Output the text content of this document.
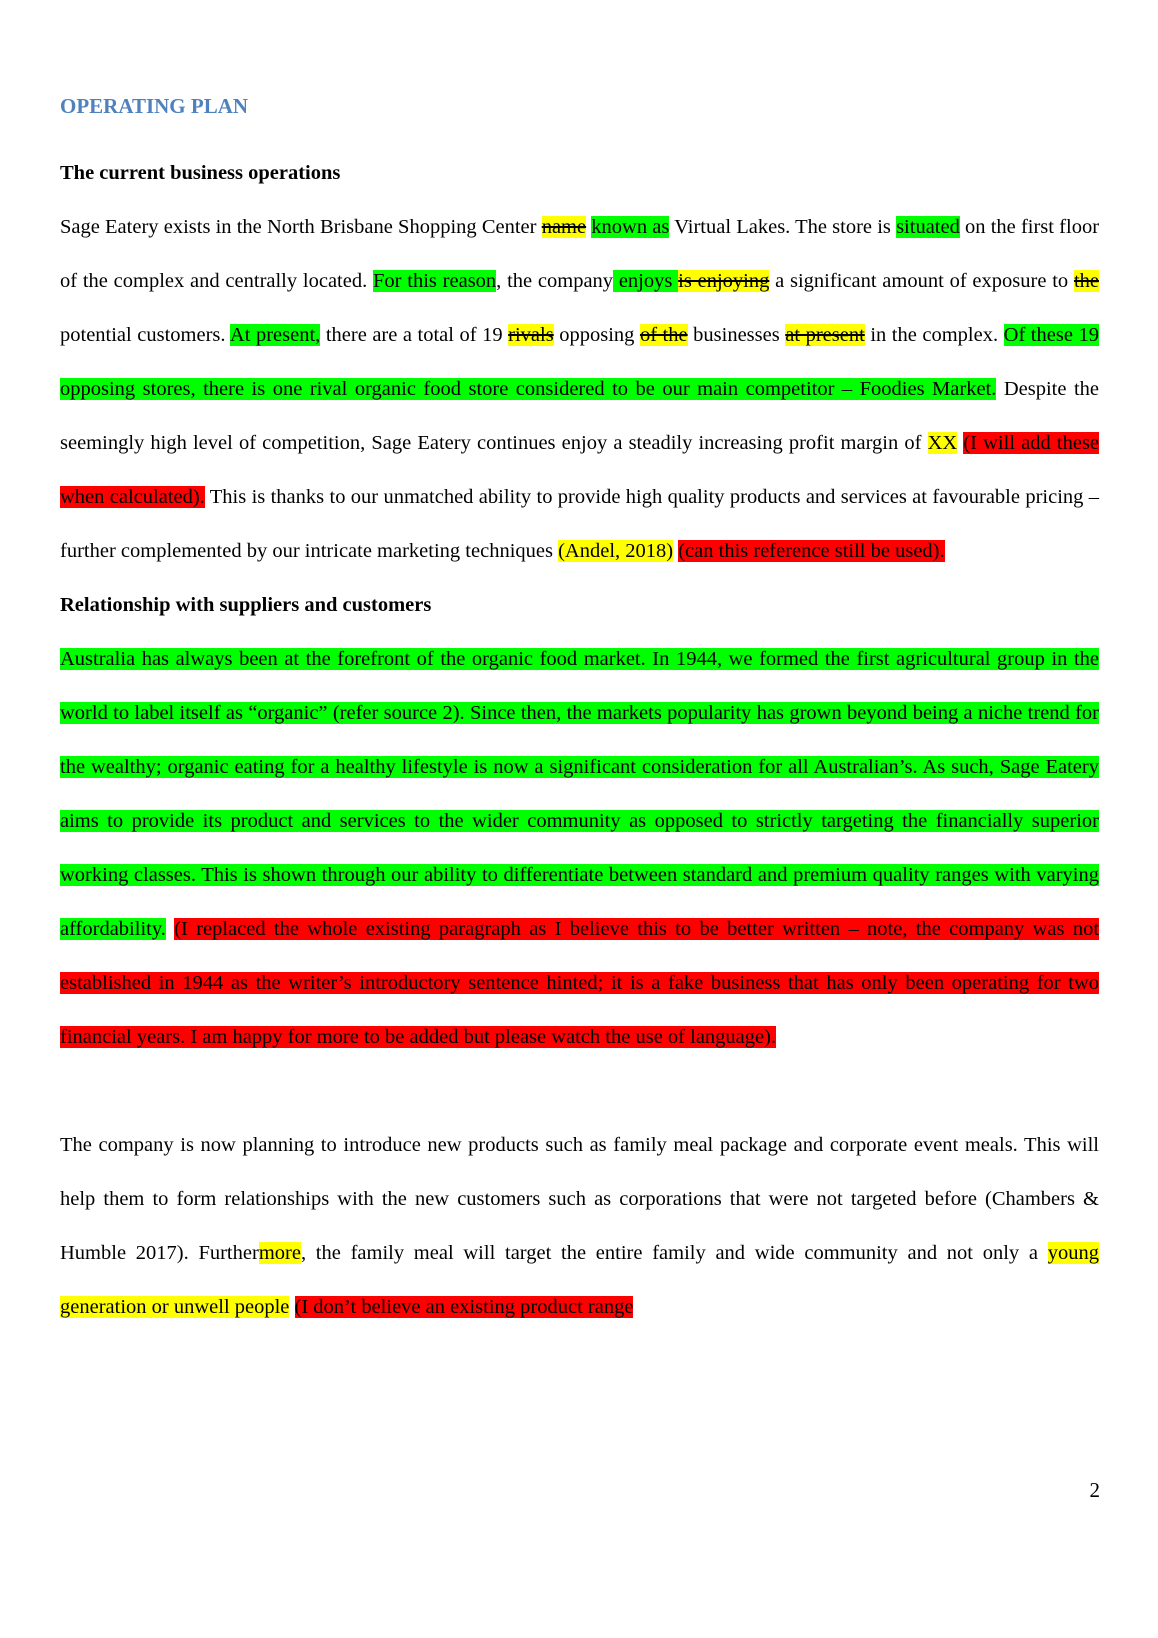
OPERATING PLAN
The current business operations

Sage Eatery exists in the North Brisbane Shopping Center name known as Virtual Lakes. The store is situated on the first floor of the complex and centrally located. For this reason, the company enjoys is enjoying a significant amount of exposure to the potential customers. At present, there are a total of 19 rivals opposing of the businesses at present in the complex. Of these 19 opposing stores, there is one rival organic food store considered to be our main competitor – Foodies Market. Despite the seemingly high level of competition, Sage Eatery continues enjoy a steadily increasing profit margin of XX (I will add these when calculated). This is thanks to our unmatched ability to provide high quality products and services at favourable pricing – further complemented by our intricate marketing techniques (Andel, 2018) (can this reference still be used).

Relationship with suppliers and customers

Australia has always been at the forefront of the organic food market. In 1944, we formed the first agricultural group in the world to label itself as “organic” (refer source 2). Since then, the markets popularity has grown beyond being a niche trend for the wealthy; organic eating for a healthy lifestyle is now a significant consideration for all Australian’s. As such, Sage Eatery aims to provide its product and services to the wider community as opposed to strictly targeting the financially superior working classes. This is shown through our ability to differentiate between standard and premium quality ranges with varying affordability. (I replaced the whole existing paragraph as I believe this to be better written – note, the company was not established in 1944 as the writer’s introductory sentence hinted; it is a fake business that has only been operating for two financial years. I am happy for more to be added but please watch the use of language).

The company is now planning to introduce new products such as family meal package and corporate event meals. This will help them to form relationships with the new customers such as corporations that were not targeted before (Chambers & Humble 2017). Furthermore, the family meal will target the entire family and wide community and not only a young generation or unwell people (I don’t believe an existing product range

2
